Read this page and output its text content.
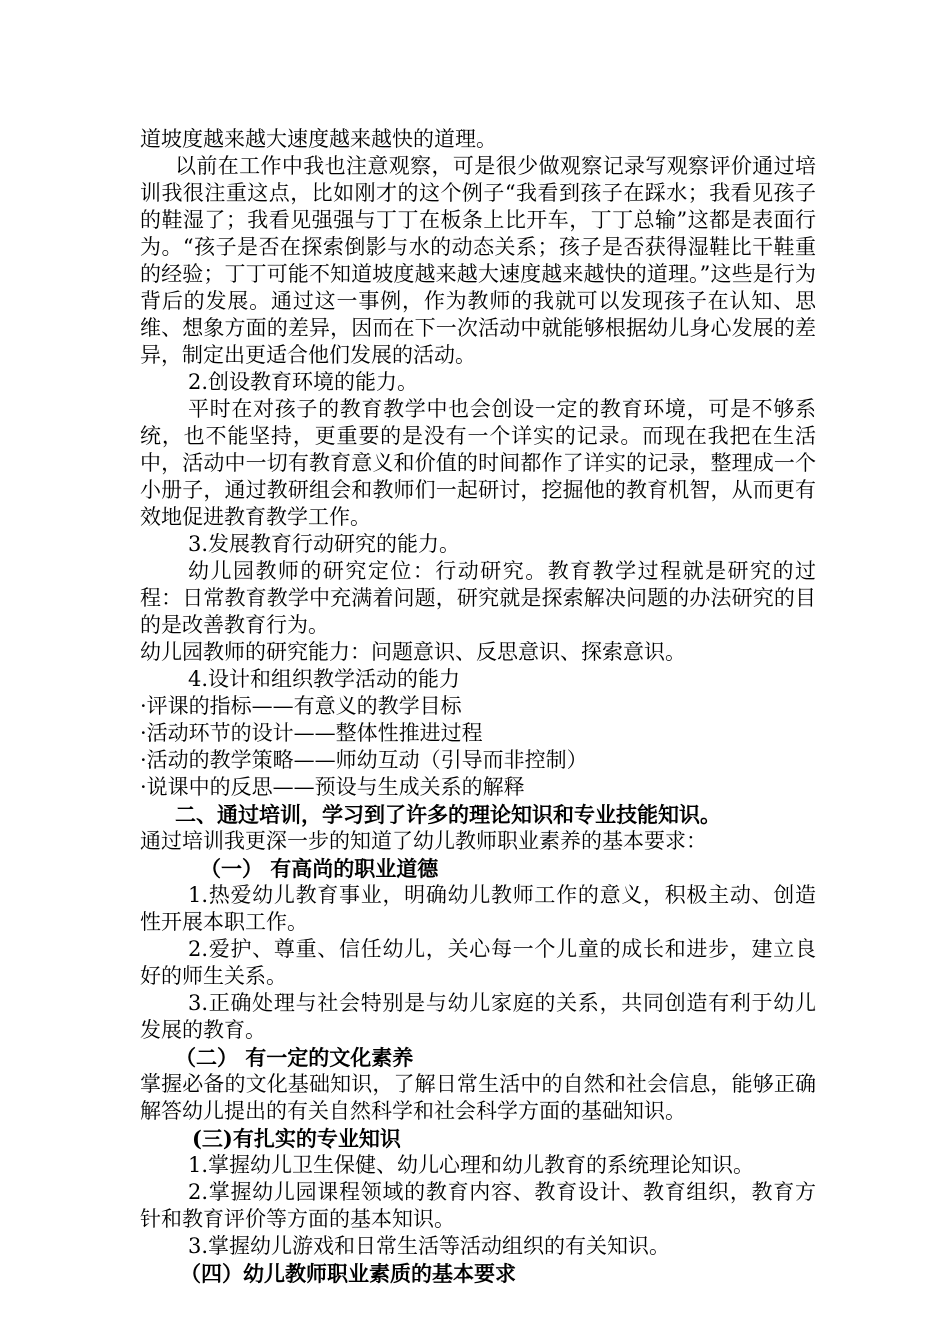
道坡度越来越大速度越来越快的道理。

以前在工作中我也注意观察，可是很少做观察记录写观察评价通过培训我很注重这点，比如刚才的这个例子“我看到孩子在踩水；我看见孩子的鞋湿了；我看见强强与丁丁在板条上比开车，丁丁总输”这都是表面行为。“孩子是否在探索倒影与水的动态关系；孩子是否获得湿鞋比干鞋重的经验；丁丁可能不知道坡度越来越大速度越来越快的道理。”这些是行为背后的发展。通过这一事例，作为教师的我就可以发现孩子在认知、思维、想象方面的差异，因而在下一次活动中就能够根据幼儿身心发展的差异，制定出更适合他们发展的活动。

2.创设教育环境的能力。

平时在对孩子的教育教学中也会创设一定的教育环境，可是不够系统，也不能坚持，更重要的是没有一个详实的记录。而现在我把在生活中，活动中一切有教育意义和价值的时间都作了详实的记录，整理成一个小册子，通过教研组会和教师们一起研讨，挖掘他的教育机智，从而更有效地促进教育教学工作。

3.发展教育行动研究的能力。

幼儿园教师的研究定位：行动研究。教育教学过程就是研究的过程：日常教育教学中充满着问题，研究就是探索解决问题的办法研究的目的是改善教育行为。

幼儿园教师的研究能力：问题意识、反思意识、探索意识。

4.设计和组织教学活动的能力

·评课的指标——有意义的教学目标

·活动环节的设计——整体性推进过程

·活动的教学策略——师幼互动（引导而非控制）

·说课中的反思——预设与生成关系的解释

二、通过培训，学习到了许多的理论知识和专业技能知识。

通过培训我更深一步的知道了幼儿教师职业素养的基本要求：

（一） 有高尚的职业道德

1.热爱幼儿教育事业，明确幼儿教师工作的意义，积极主动、创造性开展本职工作。

2.爱护、尊重、信任幼儿，关心每一个儿童的成长和进步，建立良好的师生关系。

3.正确处理与社会特别是与幼儿家庭的关系，共同创造有利于幼儿发展的教育。

（二） 有一定的文化素养

掌握必备的文化基础知识，了解日常生活中的自然和社会信息，能够正确解答幼儿提出的有关自然科学和社会科学方面的基础知识。

(三)有扎实的专业知识

1.掌握幼儿卫生保健、幼儿心理和幼儿教育的系统理论知识。

2.掌握幼儿园课程领域的教育内容、教育设计、教育组织，教育方针和教育评价等方面的基本知识。

3.掌握幼儿游戏和日常生活等活动组织的有关知识。

（四）幼儿教师职业素质的基本要求
